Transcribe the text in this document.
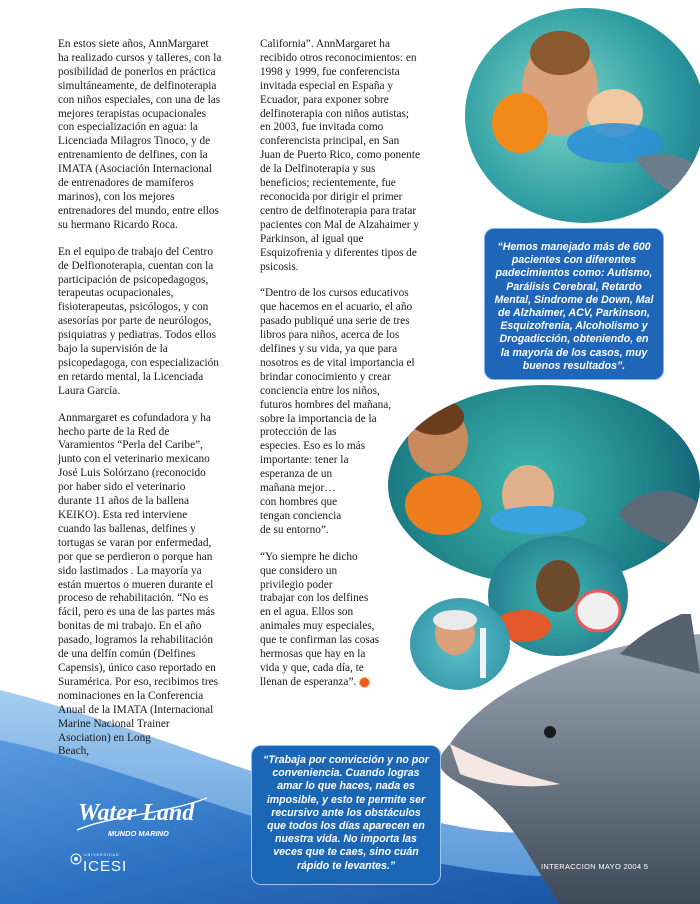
En estos siete años, AnnMargaret
ha realizado cursos y talleres, con la
posibilidad de ponerlos en práctica
simultáneamente, de delfinoterapia
con niños especiales, con una de las
mejores terapistas ocupacionales
con especialización en agua: la
Licenciada Milagros Tinoco, y de
entrenamiento de delfines, con la
IMATA (Asociación Internacional
de entrenadores de mamíferos
marinos), con los mejores
entrenadores del mundo, entre ellos
su hermano Ricardo Roca.

En el equipo de trabajo del Centro
de Delfionoterapia, cuentan con la
participación de psicopedagogos,
terapeutas ocupacionales,
fisioterapeutas, psicólogos, y con
asesorías por parte de neurólogos,
psiquiatras y pediatras. Todos ellos
bajo la supervisión de la
psicopedagoga, con especialización
en retardo mental, la Licenciada
Laura García.

Annmargaret es cofundadora y ha
hecho parte de la Red de
Varamientos “Perla del Caribe”,
junto con el veterinario mexicano
José Luis Solórzano (reconocido
por haber sido el veterinario
durante 11 años de la ballena
KEIKO). Esta red interviene
cuando las ballenas, delfines y
tortugas se varan por enfermedad,
por que se perdieron o porque han
sido lastimados . La mayoría ya
están muertos o mueren durante el
proceso de rehabilitación. “No es
fácil, pero es una de las partes más
bonitas de mi trabajo. En el año
pasado, logramos la rehabilitación
de una delfín común (Delfines
Capensis), único caso reportado en
Suramérica. Por eso, recibimos tres
nominaciones en la Conferencia
Anual de la IMATA (Internacional
Marine Nacional Trainer
Asociation) en Long
Beach,

California”. AnnMargaret ha
recibido otros reconocimientos: en
1998 y 1999, fue conferencista
invitada especial en España y
Ecuador, para exponer sobre
delfinoterapia con niños autistas;
en 2003, fue invitada como
conferencista principal, en San
Juan de Puerto Rico, como ponente
de la Delfinoterapia y sus
beneficios; recientemente, fue
reconocida por dirigir el primer
centro de delfinoterapia para tratar
pacientes con Mal de Alzahaimer y
Parkinson, al igual que
Esquizofrenia y diferentes tipos de
psicosis.

“Dentro de los cursos educativos
que hacemos en el acuario, el año
pasado publiqué una serie de tres
libros para niños, acerca de los
delfines y su vida, ya que para
nosotros es de vital importancia el
brindar conocimiento y crear
conciencia entre los niños,
futuros hombres del mañana,
sobre la importancia de la
protección de las
especies. Eso es lo más
importante: tener la
esperanza de un
mañana mejor…
con hombres que
tengan conciencia
de su entorno”.

“Yo siempre he dicho
que considero un
privilegio poder
trabajar con los delfines
en el agua. Ellos son
animales muy especiales,
que te confirman las cosas
hermosas que hay en la
vida y que, cada día, te
llenan de esperanza”.

“Hemos manejado más de 600 pacientes con diferentes padecimientos como: Autismo, Parálisis Cerebral, Retardo Mental, Síndrome de Down, Mal de Alzhaimer, ACV, Parkinson, Esquizofrenia, Alcoholismo y Drogadicción, obteniendo, en la mayoría de los casos, muy buenos resultados”.
“Trabaja por convicción y no por conveniencia. Cuando logras amar lo que haces, nada es imposible, y esto te permite ser recursivo ante los obstáculos que todos los días aparecen en nuestra vida. No importa las veces que te caes, sino cuán rápido te levantes.”
Water Land
MUNDO MARINO
UNIVERSIDAD
ICESI	INTERACCION MAYO 2004 5
